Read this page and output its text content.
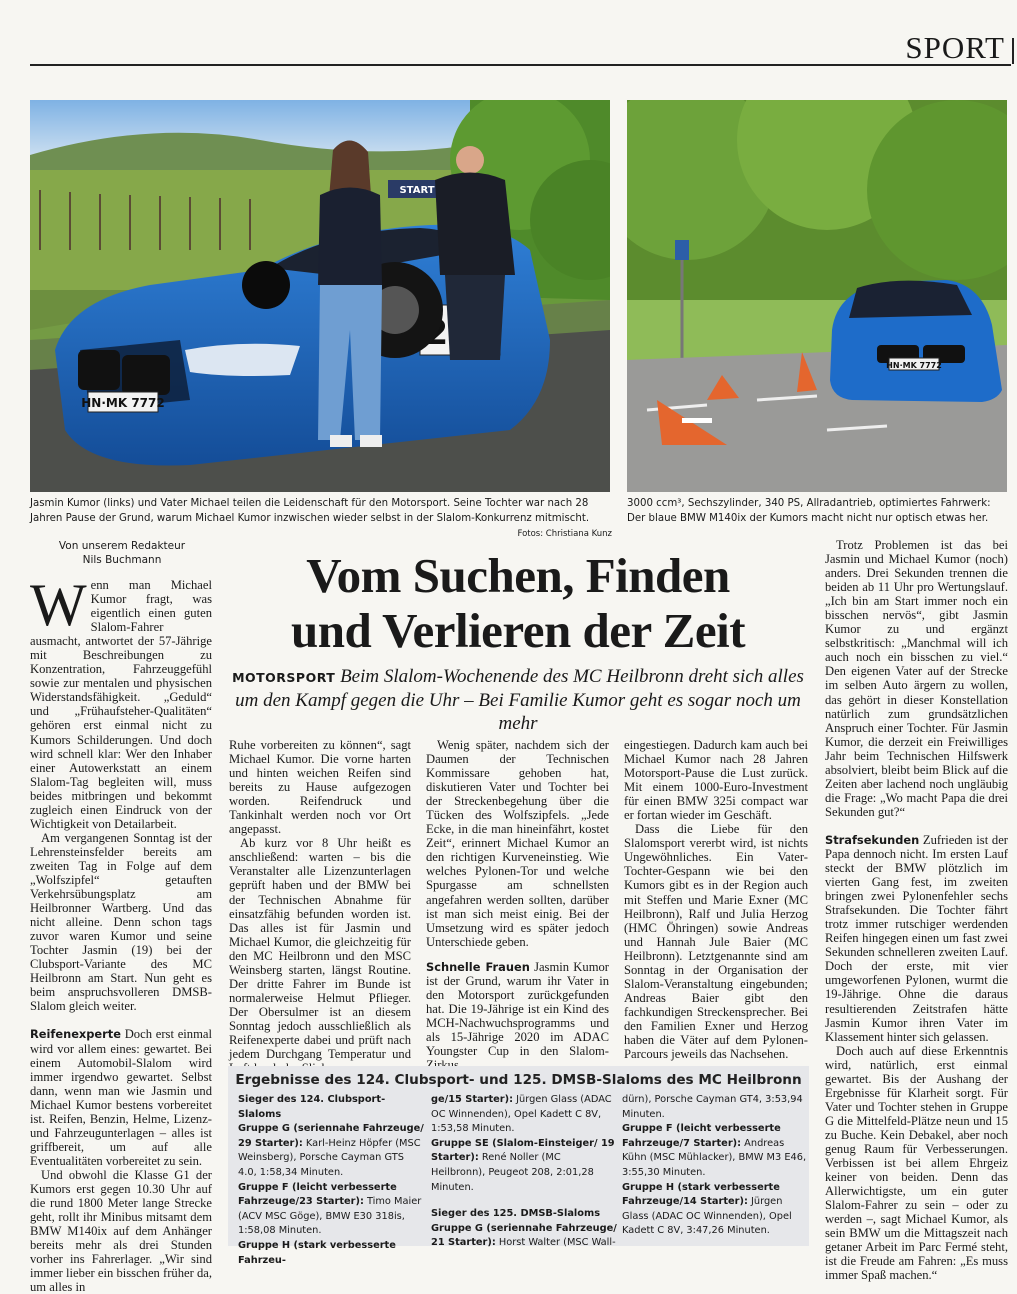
SPORT
HN·MK 7772
START
HN·MK 7772
Jasmin Kumor (links) und Vater Michael teilen die Leidenschaft für den Motorsport. Seine Tochter war nach 28 Jahren Pause der Grund, warum Michael Kumor inzwischen wieder selbst in der Slalom-Konkurrenz mitmischt.
Fotos: Christiana Kunz
3000 ccm³, Sechszylinder, 340 PS, Allradantrieb, optimiertes Fahrwerk: Der blaue BMW M140ix der Kumors macht nicht nur optisch etwas her.
Von unserem Redakteur
Nils Buchmann	Vom Suchen, Finden
und Verlieren der Zeit
MOTORSPORT Beim Slalom-Wochenende des MC Heilbronn dreht sich alles um den Kampf gegen die Uhr – Bei Familie Kumor geht es sogar noch um mehr

Wenn man Michael Kumor fragt, was eigentlich einen guten Slalom-Fahrer ausmacht, antwortet der 57-Jährige mit Beschreibungen zu Konzentration, Fahrzeuggefühl sowie zur mentalen und physischen Widerstandsfähigkeit. „Geduld“ und „Frühaufsteher-Qualitäten“ gehören erst einmal nicht zu Kumors Schilderungen. Und doch wird schnell klar: Wer den Inhaber einer Autowerkstatt an einem Slalom-Tag begleiten will, muss beides mitbringen und bekommt zugleich einen Eindruck von der Wichtigkeit von Detailarbeit.

Am vergangenen Sonntag ist der Lehrensteinsfelder bereits am zweiten Tag in Folge auf dem „Wolfszipfel“ getauften Verkehrsübungsplatz am Heilbronner Wartberg. Und das nicht alleine. Denn schon tags zuvor waren Kumor und seine Tochter Jasmin (19) bei der Clubsport-Variante des MC Heilbronn am Start. Nun geht es beim anspruchsvolleren DMSB-Slalom gleich weiter.

Reifenexperte Doch erst einmal wird vor allem eines: gewartet. Bei einem Automobil-Slalom wird immer irgendwo gewartet. Selbst dann, wenn man wie Jasmin und Michael Kumor bestens vorbereitet ist. Reifen, Benzin, Helme, Lizenz- und Fahrzeugunterlagen – alles ist griffbereit, um auf alle Eventualitäten vorbereitet zu sein.

Und obwohl die Klasse G1 der Kumors erst gegen 10.30 Uhr auf die rund 1800 Meter lange Strecke geht, rollt ihr Minibus mitsamt dem BMW M140ix auf dem Anhänger bereits mehr als drei Stunden vorher ins Fahrerlager. „Wir sind immer lieber ein bisschen früher da, um alles in

Ruhe vorbereiten zu können“, sagt Michael Kumor. Die vorne harten und hinten weichen Reifen sind bereits zu Hause aufgezogen worden. Reifendruck und Tankinhalt werden noch vor Ort angepasst.

Ab kurz vor 8 Uhr heißt es anschließend: warten – bis die Veranstalter alle Lizenzunterlagen geprüft haben und der BMW bei der Technischen Abnahme für einsatzfähig befunden worden ist. Das alles ist für Jasmin und Michael Kumor, die gleichzeitig für den MC Heilbronn und den MSC Weinsberg starten, längst Routine. Der dritte Fahrer im Bunde ist normalerweise Helmut Pflieger. Der Obersulmer ist an diesem Sonntag jedoch ausschließlich als Reifenexperte dabei und prüft nach jedem Durchgang Temperatur und

Wenig später, nachdem sich der Daumen der Technischen Kommissare gehoben hat, diskutieren Vater und Tochter bei der Streckenbegehung über die Tücken des Wolfszipfels. „Jede Ecke, in die man hineinfährt, kostet Zeit“, erinnert Michael Kumor an den richtigen Kurveneinstieg. Wie welches Pylonen-Tor und welche Spurgasse am schnellsten angefahren werden sollten, darüber ist man sich meist einig. Bei der Umsetzung wird es später jedoch Unterschiede geben.

Schnelle Frauen Jasmin Kumor ist der Grund, warum ihr Vater in den Motorsport zurückgefunden hat. Die 19-Jährige ist ein Kind des MCH-Nachwuchsprogramms und als 15-Jährige 2020 im ADAC Youngster Cup in den Slalom-

eingestiegen. Dadurch kam auch bei Michael Kumor nach 28 Jahren Motorsport-Pause die Lust zurück. Mit einem 1000-Euro-Investment für einen BMW 325i compact war er fortan wieder im Geschäft.

Dass die Liebe für den Slalomsport vererbt wird, ist nichts Ungewöhnliches. Ein Vater-Tochter-Gespann wie bei den Kumors gibt es in der Region auch mit Steffen und Marie Exner (MC Heilbronn), Ralf und Julia Herzog (HMC Öhringen) sowie Andreas und Hannah Jule Baier (MC Heilbronn). Letztgenannte sind am Sonntag in der Organisation der Slalom-Veranstaltung eingebunden; Andreas Baier gibt den fachkundigen Streckensprecher. Bei den Familien Exner und Herzog haben die Väter auf dem Pylonen-Parcours jeweils das Nachsehen.

Trotz Problemen ist das bei Jasmin und Michael Kumor (noch) anders. Drei Sekunden trennen die beiden ab 11 Uhr pro Wertungslauf. „Ich bin am Start immer noch ein bisschen nervös“, gibt Jasmin Kumor zu und ergänzt selbstkritisch: „Manchmal will ich auch noch ein bisschen zu viel.“ Den eigenen Vater auf der Strecke im selben Auto ärgern zu wollen, das gehört in dieser Konstellation natürlich zum grundsätzlichen Anspruch einer Tochter. Für Jasmin Kumor, die derzeit ein Freiwilliges Jahr beim Technischen Hilfswerk absolviert, bleibt beim Blick auf die Zeiten aber lachend noch ungläubig die Frage: „Wo macht Papa die drei Sekunden gut?“

Strafsekunden Zufrieden ist der Papa dennoch nicht. Im ersten Lauf steckt der BMW plötzlich im vierten Gang fest, im zweiten bringen zwei Pylonenfehler sechs Strafsekunden. Die Tochter fährt trotz immer rutschiger werdenden Reifen hingegen einen um fast zwei Sekunden schnelleren zweiten Lauf. Doch der erste, mit vier umgeworfenen Pylonen, wurmt die 19-Jährige. Ohne die daraus resultierenden Zeitstrafen hätte Jasmin Kumor ihren Vater im Klassement hinter sich gelassen.

Doch auch auf diese Erkenntnis wird, natürlich, erst einmal gewartet. Bis der Aushang der Ergebnisse für Klarheit sorgt. Für Vater und Tochter stehen in Gruppe G die Mittelfeld-Plätze neun und 15 zu Buche. Kein Debakel, aber noch genug Raum für Verbesserungen. Verbissen ist bei allem Ehrgeiz keiner von beiden. Denn das Allerwichtigste, um ein guter Slalom-Fahrer zu sein – oder zu werden –, sagt Michael Kumor, als sein BMW um die Mittagszeit nach getaner Arbeit im Parc Fermé steht, ist die Freude am Fahren: „Es muss immer Spaß machen.“

Ergebnisse des 124. Clubsport- und 125. DMSB-Slaloms des MC Heilbronn
Sieger des 124. Clubsport-Slaloms
Gruppe G (seriennahe Fahrzeuge/ 29 Starter): Karl-Heinz Höpfer (MSC Weinsberg), Porsche Cayman GTS 4.0, 1:58,34 Minuten.
Gruppe F (leicht verbesserte Fahrzeuge/23 Starter): Timo Maier (ACV MSC Göge), BMW E30 318is, 1:58,08 Minuten.
Gruppe H (stark verbesserte Fahrzeu-
ge/15 Starter): Jürgen Glass (ADAC OC Winnenden), Opel Kadett C 8V, 1:53,58 Minuten.
Gruppe SE (Slalom-Einsteiger/ 19 Starter): René Noller (MC Heilbronn), Peugeot 208, 2:01,28 Minuten.
Sieger des 125. DMSB-Slaloms
Gruppe G (seriennahe Fahrzeuge/ 21 Starter): Horst Walter (MSC Wall-
dürn), Porsche Cayman GT4, 3:53,94 Minuten.
Gruppe F (leicht verbesserte Fahrzeuge/7 Starter): Andreas Kühn (MSC Mühlacker), BMW M3 E46, 3:55,30 Minuten.
Gruppe H (stark verbesserte Fahrzeuge/14 Starter): Jürgen Glass (ADAC OC Winnenden), Opel Kadett C 8V, 3:47,26 Minuten.
